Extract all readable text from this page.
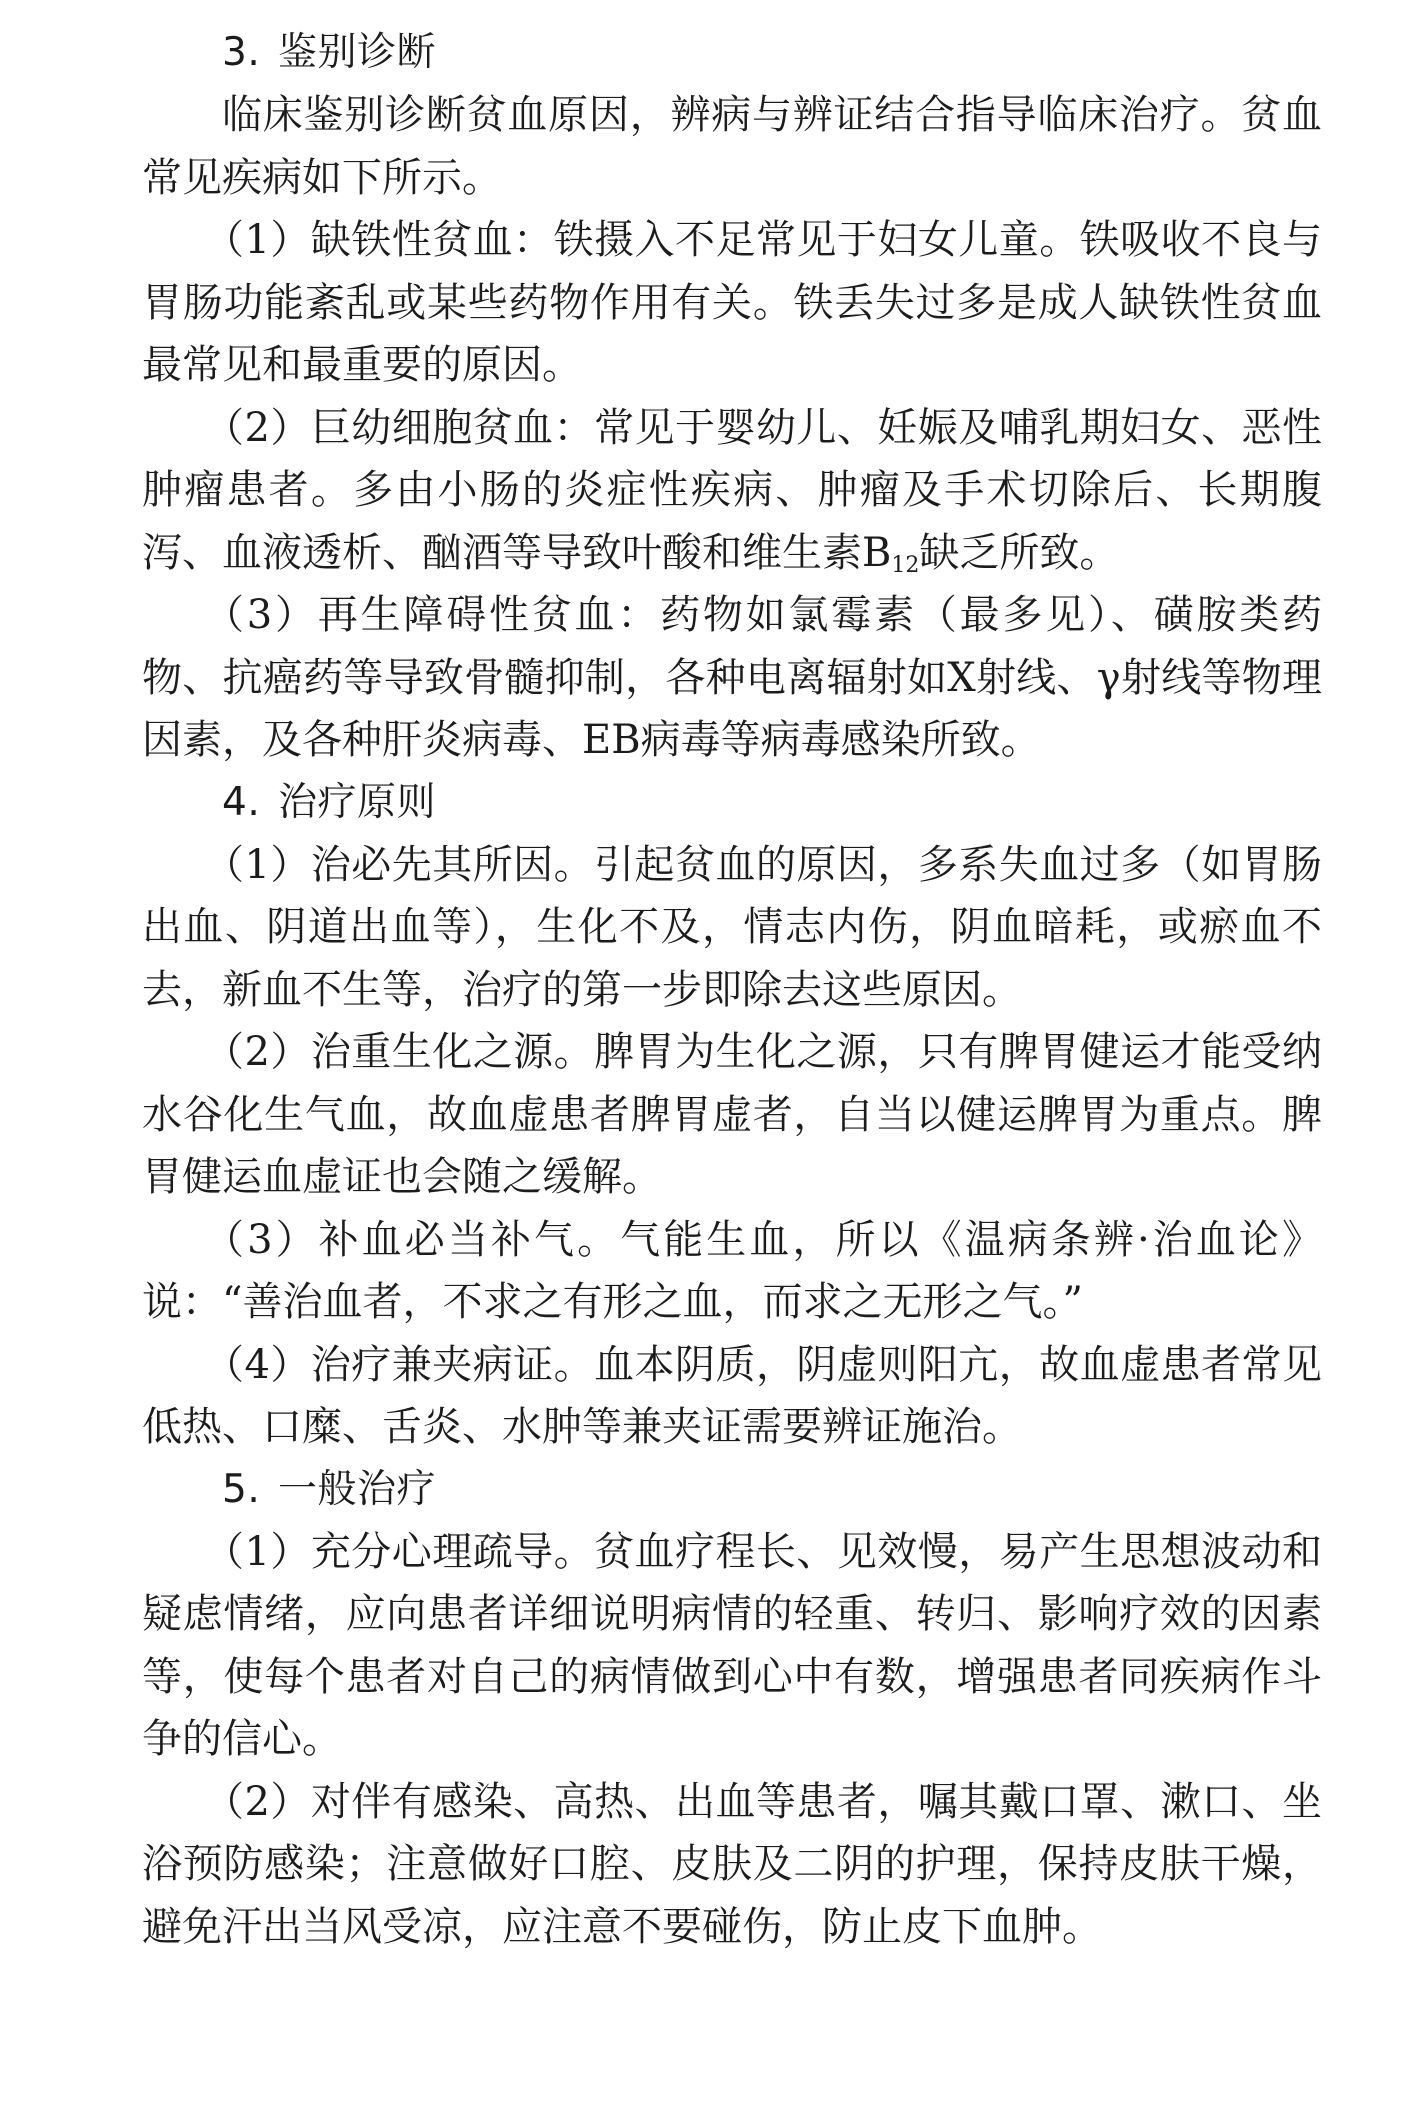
3. 鉴别诊断

临床鉴别诊断贫血原因，辨病与辨证结合指导临床治疗。贫血常见疾病如下所示。

（1）缺铁性贫血：铁摄入不足常见于妇女儿童。铁吸收不良与胃肠功能紊乱或某些药物作用有关。铁丢失过多是成人缺铁性贫血最常见和最重要的原因。

（2）巨幼细胞贫血：常见于婴幼儿、妊娠及哺乳期妇女、恶性肿瘤患者。多由小肠的炎症性疾病、肿瘤及手术切除后、长期腹泻、血液透析、酗酒等导致叶酸和维生素$B_{12}$缺乏所致。

（3）再生障碍性贫血：药物如氯霉素（最多见）、磺胺类药物、抗癌药等导致骨髓抑制，各种电离辐射如X射线、γ射线等物理因素，及各种肝炎病毒、EB病毒等病毒感染所致。

4. 治疗原则

（1）治必先其所因。引起贫血的原因，多系失血过多（如胃肠出血、阴道出血等），生化不及，情志内伤，阴血暗耗，或瘀血不去，新血不生等，治疗的第一步即除去这些原因。

（2）治重生化之源。脾胃为生化之源，只有脾胃健运才能受纳水谷化生气血，故血虚患者脾胃虚者，自当以健运脾胃为重点。脾胃健运血虚证也会随之缓解。

（3）补血必当补气。气能生血，所以《温病条辨·治血论》说：“善治血者，不求之有形之血，而求之无形之气。”

（4）治疗兼夹病证。血本阴质，阴虚则阳亢，故血虚患者常见低热、口糜、舌炎、水肿等兼夹证需要辨证施治。

5. 一般治疗

（1）充分心理疏导。贫血疗程长、见效慢，易产生思想波动和疑虑情绪，应向患者详细说明病情的轻重、转归、影响疗效的因素等，使每个患者对自己的病情做到心中有数，增强患者同疾病作斗争的信心。

（2）对伴有感染、高热、出血等患者，嘱其戴口罩、漱口、坐浴预防感染；注意做好口腔、皮肤及二阴的护理，保持皮肤干燥，避免汗出当风受凉，应注意不要碰伤，防止皮下血肿。
